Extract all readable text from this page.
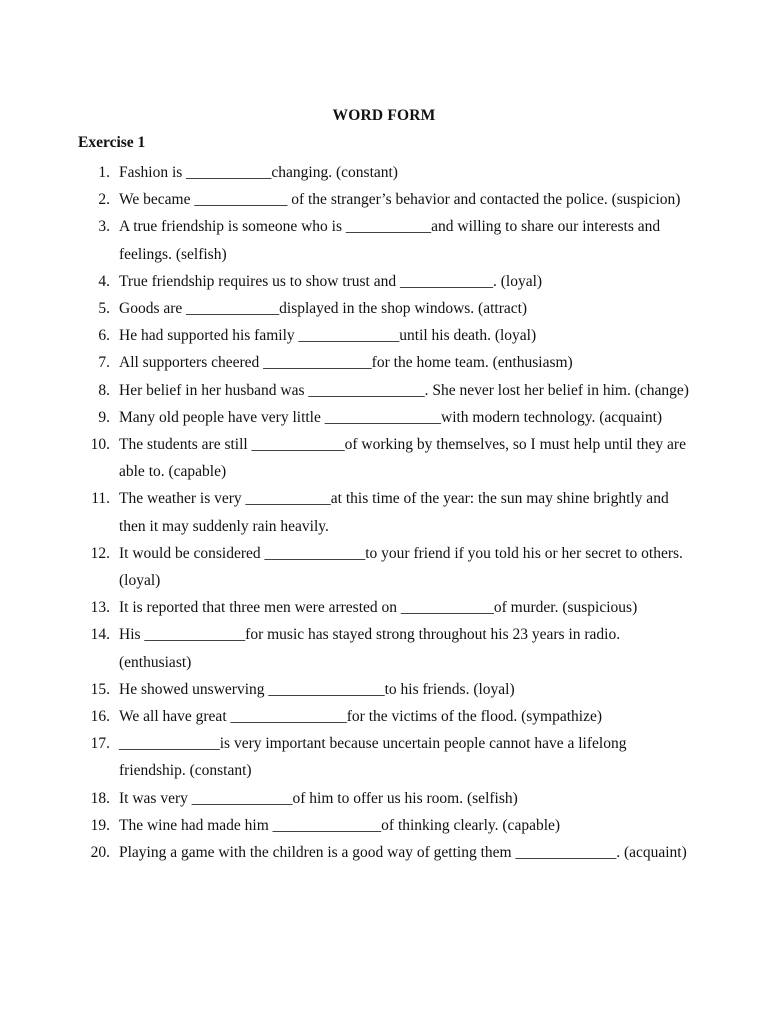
WORD FORM
Exercise 1
1. Fashion is ___________changing. (constant)
2. We became ____________ of the stranger’s behavior and contacted the police. (suspicion)
3. A true friendship is someone who is ___________and willing to share our interests and feelings. (selfish)
4. True friendship requires us to show trust and ____________. (loyal)
5. Goods are ____________displayed in the shop windows. (attract)
6. He had supported his family _____________until his death. (loyal)
7. All supporters cheered ______________for the home team. (enthusiasm)
8. Her belief in her husband was _______________. She never lost her belief in him. (change)
9. Many old people have very little _______________with modern technology. (acquaint)
10. The students are still ____________of working by themselves, so I must help until they are able to. (capable)
11. The weather is very ___________at this time of the year: the sun may shine brightly and then it may suddenly rain heavily.
12. It would be considered _____________to your friend if you told his or her secret to others. (loyal)
13. It is reported that three men were arrested on ____________of murder. (suspicious)
14. His _____________for music has stayed strong throughout his 23 years in radio. (enthusiast)
15. He showed unswerving _______________to his friends. (loyal)
16. We all have great _______________for the victims of the flood. (sympathize)
17. _____________is very important because uncertain people cannot have a lifelong friendship. (constant)
18. It was very _____________of him to offer us his room. (selfish)
19. The wine had made him ______________of thinking clearly. (capable)
20. Playing a game with the children is a good way of getting them _____________. (acquaint)
